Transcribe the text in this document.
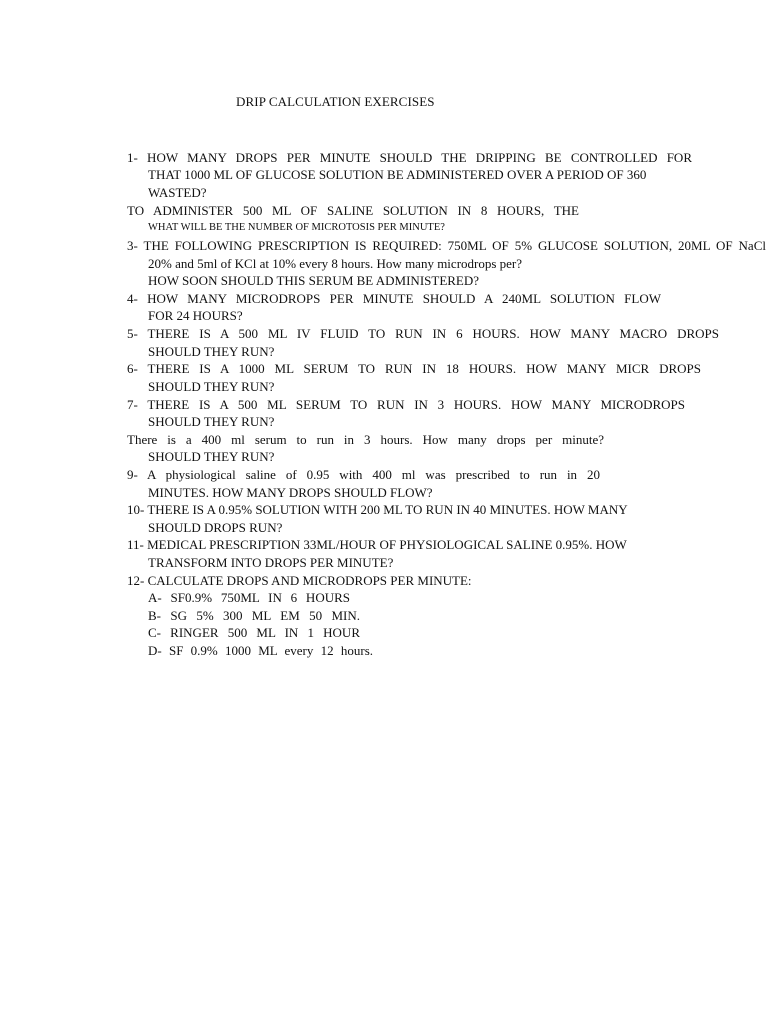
DRIP CALCULATION EXERCISES
1- HOW MANY DROPS PER MINUTE SHOULD THE DRIPPING BE CONTROLLED FOR
THAT 1000 ML OF GLUCOSE SOLUTION BE ADMINISTERED OVER A PERIOD OF 360
WASTED?
TO ADMINISTER 500 ML OF SALINE SOLUTION IN 8 HOURS, THE
WHAT WILL BE THE NUMBER OF MICROTOSIS PER MINUTE?
3- THE FOLLOWING PRESCRIPTION IS REQUIRED: 750ML OF 5% GLUCOSE SOLUTION, 20ML OF NaCl
20% and 5ml of KCl at 10% every 8 hours. How many microdrops per?
HOW SOON SHOULD THIS SERUM BE ADMINISTERED?
4- HOW MANY MICRODROPS PER MINUTE SHOULD A 240ML SOLUTION FLOW
FOR 24 HOURS?
5- THERE IS A 500 ML IV FLUID TO RUN IN 6 HOURS. HOW MANY MACRO DROPS
SHOULD THEY RUN?
6- THERE IS A 1000 ML SERUM TO RUN IN 18 HOURS. HOW MANY MICR DROPS
SHOULD THEY RUN?
7- THERE IS A 500 ML SERUM TO RUN IN 3 HOURS. HOW MANY MICRODROPS
SHOULD THEY RUN?
There is a 400 ml serum to run in 3 hours. How many drops per minute?
SHOULD THEY RUN?
9- A physiological saline of 0.95 with 400 ml was prescribed to run in 20
MINUTES. HOW MANY DROPS SHOULD FLOW?
10- THERE IS A 0.95% SOLUTION WITH 200 ML TO RUN IN 40 MINUTES. HOW MANY
SHOULD DROPS RUN?
11- MEDICAL PRESCRIPTION 33ML/HOUR OF PHYSIOLOGICAL SALINE 0.95%. HOW
TRANSFORM INTO DROPS PER MINUTE?
12- CALCULATE DROPS AND MICRODROPS PER MINUTE:
A- SF0.9% 750ML IN 6 HOURS
B- SG 5% 300 ML EM 50 MIN.
C- RINGER 500 ML IN 1 HOUR
D- SF 0.9% 1000 ML every 12 hours.
